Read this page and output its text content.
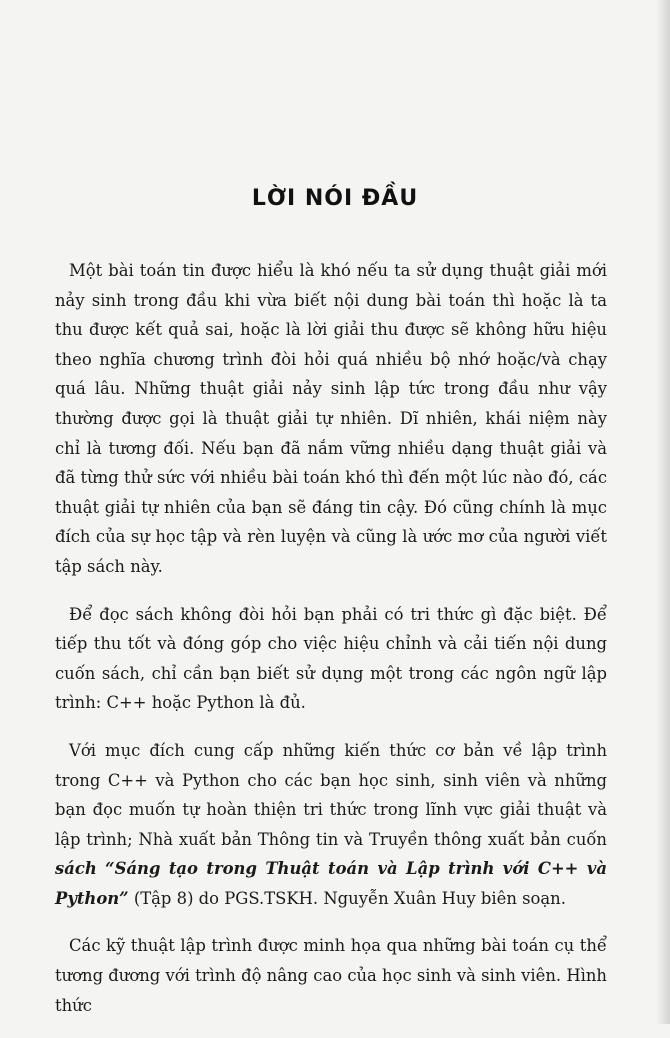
LỜI NÓI ĐẦU

Một bài toán tin được hiểu là khó nếu ta sử dụng thuật giải mới nảy sinh trong đầu khi vừa biết nội dung bài toán thì hoặc là ta thu được kết quả sai, hoặc là lời giải thu được sẽ không hữu hiệu theo nghĩa chương trình đòi hỏi quá nhiều bộ nhớ hoặc/và chạy quá lâu. Những thuật giải nảy sinh lập tức trong đầu như vậy thường được gọi là thuật giải tự nhiên. Dĩ nhiên, khái niệm này chỉ là tương đối. Nếu bạn đã nắm vững nhiều dạng thuật giải và đã từng thử sức với nhiều bài toán khó thì đến một lúc nào đó, các thuật giải tự nhiên của bạn sẽ đáng tin cậy. Đó cũng chính là mục đích của sự học tập và rèn luyện và cũng là ước mơ của người viết tập sách này.

Để đọc sách không đòi hỏi bạn phải có tri thức gì đặc biệt. Để tiếp thu tốt và đóng góp cho việc hiệu chỉnh và cải tiến nội dung cuốn sách, chỉ cần bạn biết sử dụng một trong các ngôn ngữ lập trình: C++ hoặc Python là đủ.

Với mục đích cung cấp những kiến thức cơ bản về lập trình trong C++ và Python cho các bạn học sinh, sinh viên và những bạn đọc muốn tự hoàn thiện tri thức trong lĩnh vực giải thuật và lập trình; Nhà xuất bản Thông tin và Truyền thông xuất bản cuốn sách “Sáng tạo trong Thuật toán và Lập trình với C++ và Python” (Tập 8) do PGS.TSKH. Nguyễn Xuân Huy biên soạn.

Các kỹ thuật lập trình được minh họa qua những bài toán cụ thể tương đương với trình độ nâng cao của học sinh và sinh viên. Hình thức
